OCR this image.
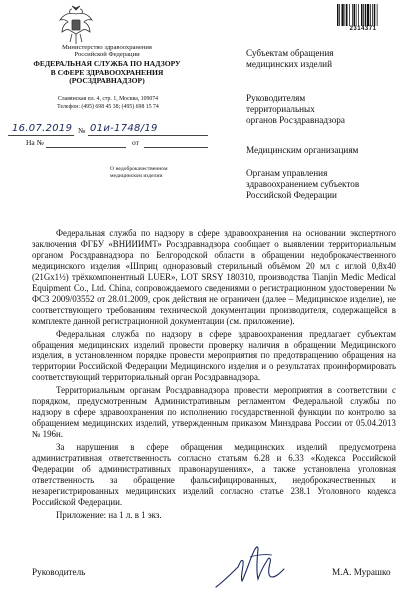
Министерство здравоохранения
Российской Федерации
ФЕДЕРАЛЬНАЯ СЛУЖБА ПО НАДЗОРУ
В СФЕРЕ ЗДРАВООХРАНЕНИЯ
(РОСЗДРАВНАДЗОР)
Славянская пл. 4, стр. 1, Москва, 109074
Телефон: (495) 698 45 38; (495) 698 15 74
16.07.2019 № 01и-1748/19
На №	от
О недоброкачественном
медицинском изделии
2314371
Субъектам обращения
медицинских изделий
Руководителям
территориальных
органов Росздравнадзора
Медицинским организациям
Органам управления
здравоохранением субъектов
Российской Федерации

Федеральная служба по надзору в сфере здравоохранения на основании экспертного заключения ФГБУ «ВНИИИМТ» Росздравнадзора сообщает о выявлении территориальным органом Росздравнадзора по Белгородской области в обращении недоброкачественного медицинского изделия «Шприц одноразовый стерильный объёмом 20 мл с иглой 0,8х40 (21Gх1½) трёхкомпонентный LUER», LOT SRSY 180310, производства Tianjin Medic Medical Equipment Co., Ltd. China, сопровождаемого сведениями о регистрационном удостоверении № ФСЗ 2009/03552 от 28.01.2009, срок действия не ограничен (далее – Медицинское изделие), не соответствующего требованиям технической документации производителя, содержащейся в комплекте данной регистрационной документации (см. приложение).

Федеральная служба по надзору в сфере здравоохранения предлагает субъектам обращения медицинских изделий провести проверку наличия в обращении Медицинского изделия, в установленном порядке провести мероприятия по предотвращению обращения на территории Российской Федерации Медицинского изделия и о результатах проинформировать соответствующий территориальный орган Росздравнадзора.

Территориальным органам Росздравнадзора провести мероприятия в соответствии с порядком, предусмотренным Административным регламентом Федеральной службы по надзору в сфере здравоохранения по исполнению государственной функции по контролю за обращением медицинских изделий, утвержденным приказом Минздрава России от 05.04.2013 № 196н.

За нарушения в сфере обращения медицинских изделий предусмотрена административная ответственность согласно статьям 6.28 и 6.33 «Кодекса Российской Федерации об административных правонарушениях», а также установлена уголовная ответственность за обращение фальсифицированных, недоброкачественных и незарегистрированных медицинских изделий согласно статье 238.1 Уголовного кодекса Российской Федерации.

Приложение: на 1 л. в 1 экз.

Руководитель	М.А. Мурашко
